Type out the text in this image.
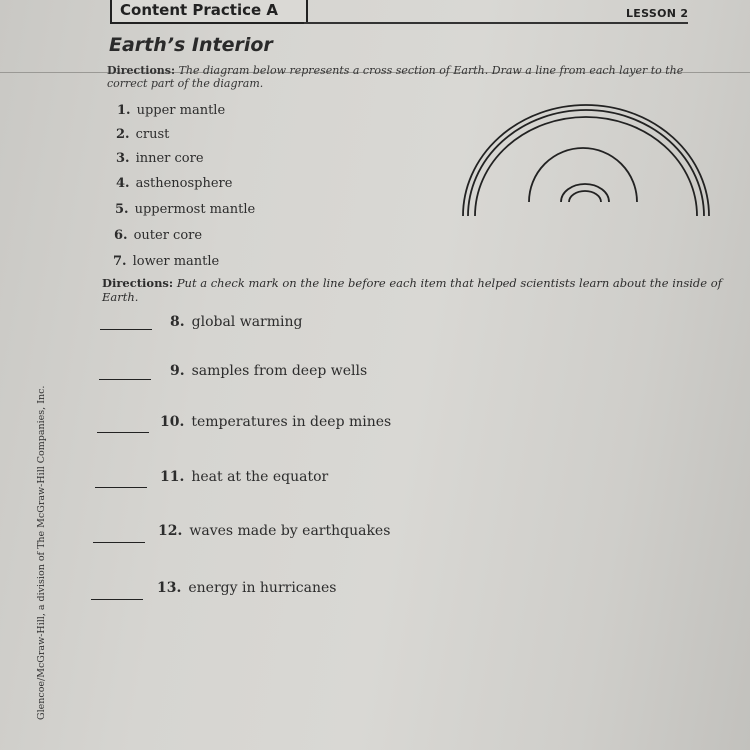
Content Practice A	LESSON 2
Earth’s Interior
Directions: The diagram below represents a cross section of Earth. Draw a line from each layer to the correct part of the diagram.
1. upper mantle
2. crust
3. inner core
4. asthenosphere
5. uppermost mantle
6. outer core
7. lower mantle
Directions: Put a check mark on the line before each item that helped scientists learn about the inside of Earth.
8. global warming
9. samples from deep wells
10. temperatures in deep mines
11. heat at the equator
12. waves made by earthquakes
13. energy in hurricanes
Glencoe/McGraw-Hill, a division of The McGraw-Hill Companies, Inc.
